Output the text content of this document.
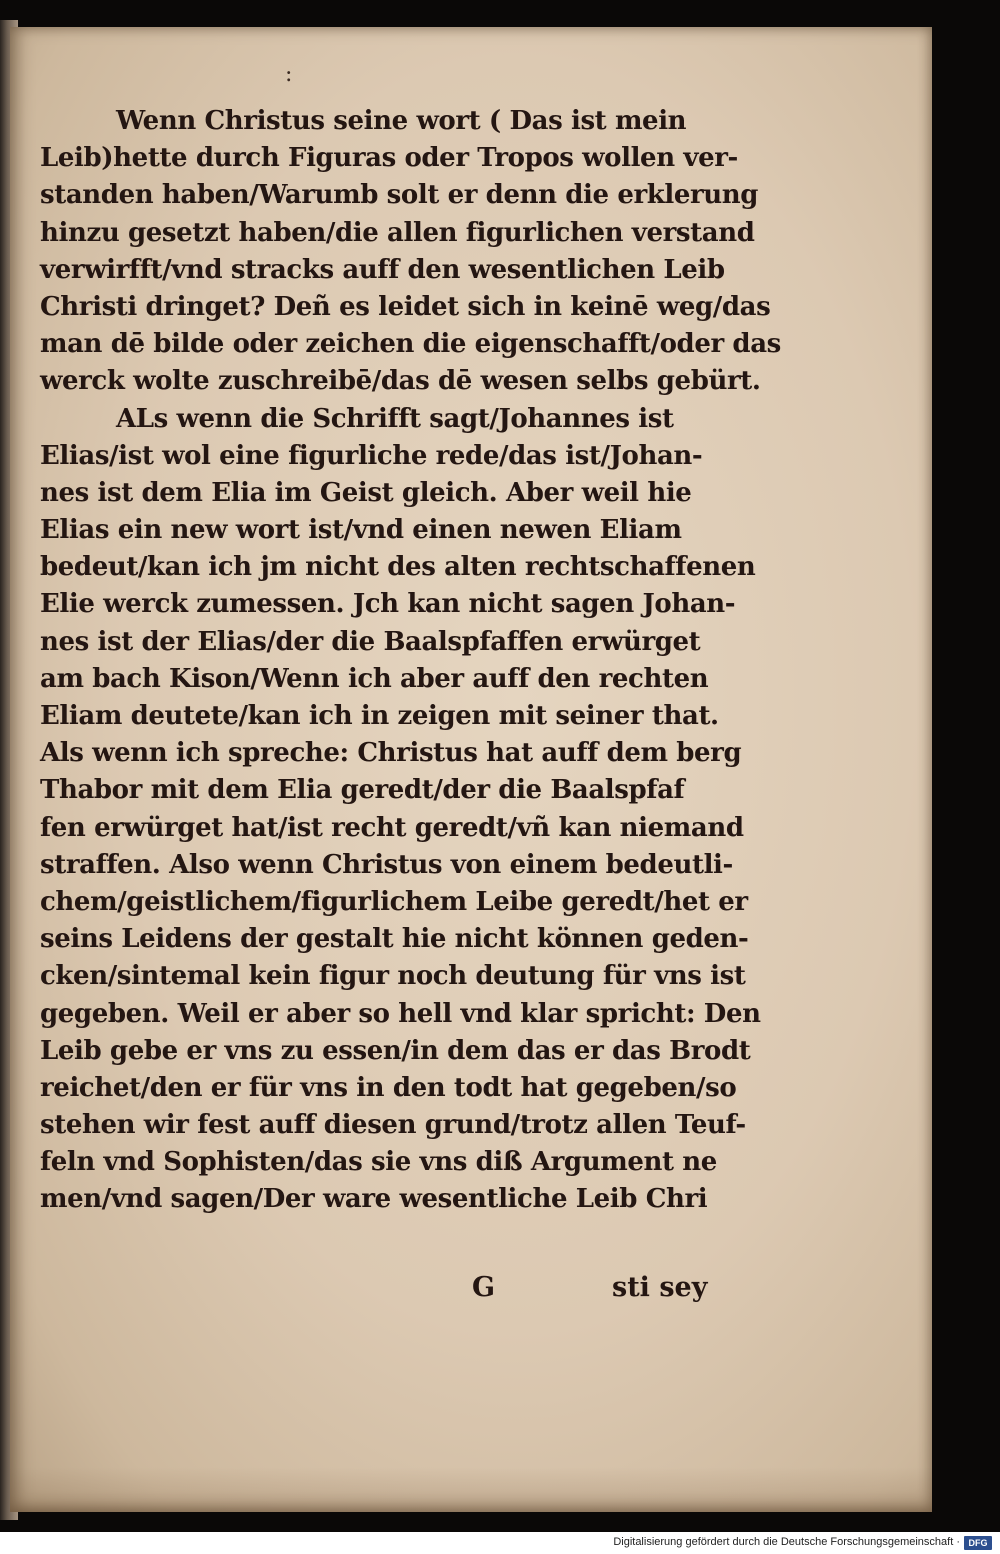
:
Wenn Christus seine wort ( Das ist mein
Leib)hette durch Figuras oder Tropos wollen ver-
standen haben/Warumb solt er denn die erklerung
hinzu gesetzt haben/die allen figurlichen verstand
verwirfft/vnd stracks auff den wesentlichen Leib
Christi dringet? Deñ es leidet sich in keinē weg/das
man dē bilde oder zeichen die eigenschafft/oder das
werck wolte zuschreibē/das dē wesen selbs gebürt.
ALs wenn die Schrifft sagt/Johannes ist
Elias/ist wol eine figurliche rede/das ist/Johan-
nes ist dem Elia im Geist gleich. Aber weil hie
Elias ein new wort ist/vnd einen newen Eliam
bedeut/kan ich jm nicht des alten rechtschaffenen
Elie werck zumessen. Jch kan nicht sagen Johan-
nes ist der Elias/der die Baalspfaffen erwürget
am bach Kison/Wenn ich aber auff den rechten
Eliam deutete/kan ich in zeigen mit seiner that.
Als wenn ich spreche: Christus hat auff dem berg
Thabor mit dem Elia geredt/der die Baalspfaf
fen erwürget hat/ist recht geredt/vñ kan niemand
straffen. Also wenn Christus von einem bedeutli-
chem/geistlichem/figurlichem Leibe geredt/het er
seins Leidens der gestalt hie nicht können geden-
cken/sintemal kein figur noch deutung für vns ist
gegeben. Weil er aber so hell vnd klar spricht: Den
Leib gebe er vns zu essen/in dem das er das Brodt
reichet/den er für vns in den todt hat gegeben/so
stehen wir fest auff diesen grund/trotz allen Teuf-
feln vnd Sophisten/das sie vns diß Argument ne
men/vnd sagen/Der ware wesentliche Leib Chri
G	sti sey
Digitalisierung gefördert durch die Deutsche Forschungsgemeinschaft · DFG
